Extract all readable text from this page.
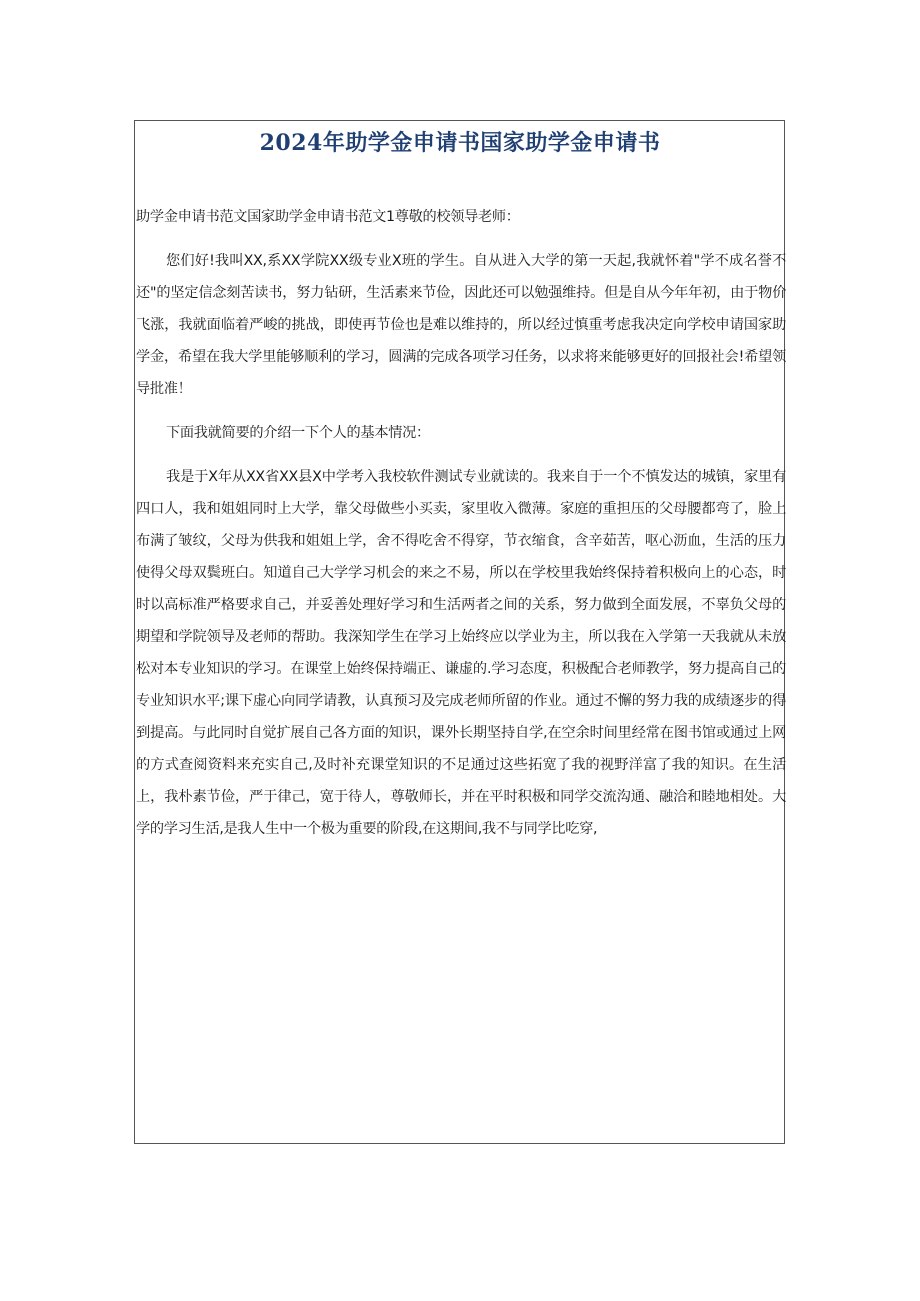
2024年助学金申请书国家助学金申请书

助学金申请书范文国家助学金申请书范文1尊敬的校领导老师：

您们好!我叫XX,系XX学院XX级专业X班的学生。自从进入大学的第一天起,我就怀着"学不成名誉不还"的坚定信念刻苦读书，努力钻研，生活素来节俭，因此还可以勉强维持。但是自从今年年初，由于物价飞涨，我就面临着严峻的挑战，即使再节俭也是难以维持的，所以经过慎重考虑我决定向学校申请国家助学金，希望在我大学里能够顺利的学习，圆满的完成各项学习任务，以求将来能够更好的回报社会!希望领导批准！

下面我就简要的介绍一下个人的基本情况：

我是于X年从XX省XX县X中学考入我校软件测试专业就读的。我来自于一个不慎发达的城镇，家里有四口人，我和姐姐同时上大学，靠父母做些小买卖，家里收入微薄。家庭的重担压的父母腰都弯了，脸上布满了皱纹，父母为供我和姐姐上学，舍不得吃舍不得穿，节衣缩食，含辛茹苦，呕心沥血，生活的压力使得父母双鬓班白。知道自己大学学习机会的来之不易，所以在学校里我始终保持着积极向上的心态，时时以高标准严格要求自己，并妥善处理好学习和生活两者之间的关系，努力做到全面发展，不辜负父母的期望和学院领导及老师的帮助。我深知学生在学习上始终应以学业为主，所以我在入学第一天我就从未放松对本专业知识的学习。在课堂上始终保持端正、谦虚的.学习态度，积极配合老师教学，努力提高自己的专业知识水平;课下虚心向同学请教，认真预习及完成老师所留的作业。通过不懈的努力我的成绩逐步的得到提高。与此同时自觉扩展自己各方面的知识，课外长期坚持自学,在空余时间里经常在图书馆或通过上网的方式查阅资料来充实自己,及时补充课堂知识的不足通过这些拓宽了我的视野洋富了我的知识。在生活上，我朴素节俭，严于律己，宽于待人，尊敬师长，并在平时积极和同学交流沟通、融洽和睦地相处。大学的学习生活,是我人生中一个极为重要的阶段,在这期间,我不与同学比吃穿,
